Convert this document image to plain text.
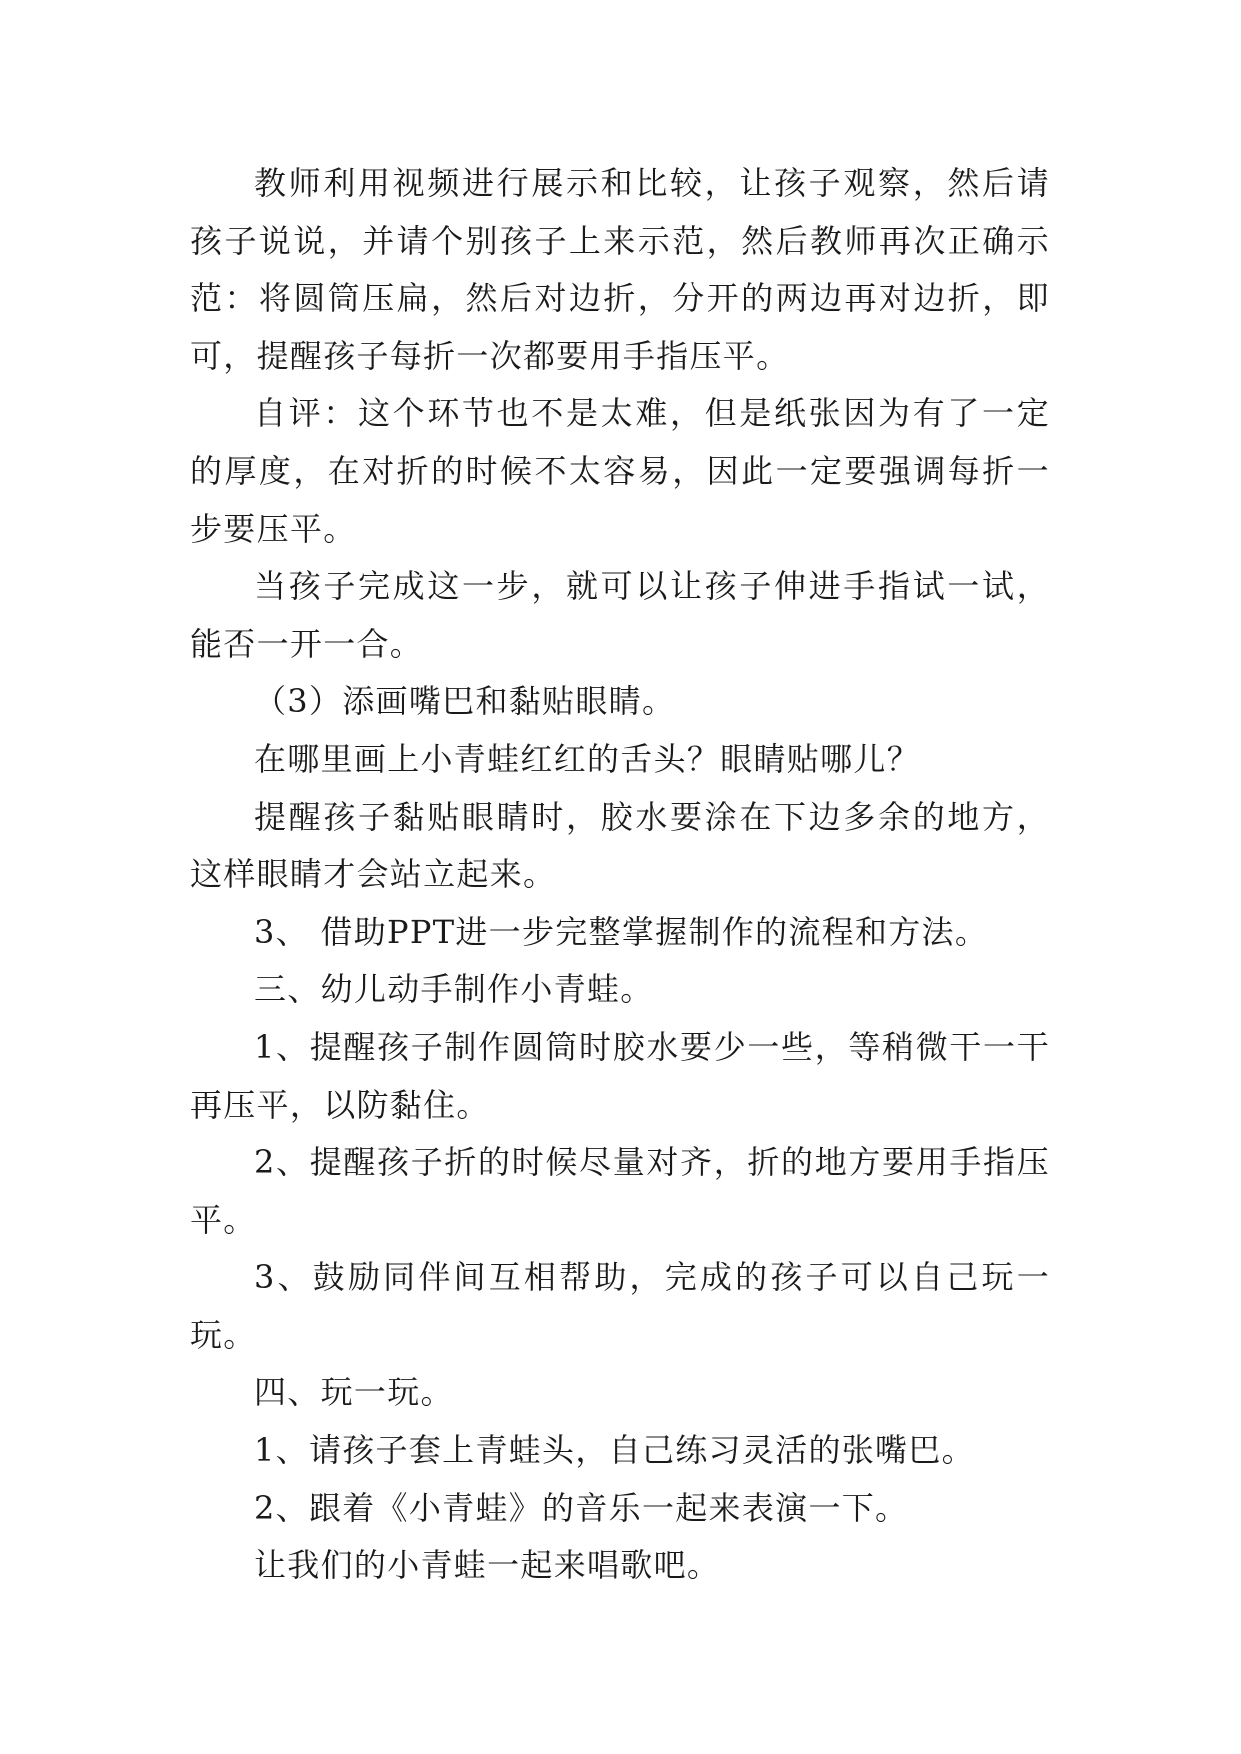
教师利用视频进行展示和比较，让孩子观察，然后请孩子说说，并请个别孩子上来示范，然后教师再次正确示范：将圆筒压扁，然后对边折，分开的两边再对边折，即可，提醒孩子每折一次都要用手指压平。

自评：这个环节也不是太难，但是纸张因为有了一定的厚度，在对折的时候不太容易，因此一定要强调每折一步要压平。

当孩子完成这一步，就可以让孩子伸进手指试一试，能否一开一合。

（3）添画嘴巴和黏贴眼睛。

在哪里画上小青蛙红红的舌头？眼睛贴哪儿？

提醒孩子黏贴眼睛时，胶水要涂在下边多余的地方，这样眼睛才会站立起来。

3、 借助PPT进一步完整掌握制作的流程和方法。

三、幼儿动手制作小青蛙。

1、提醒孩子制作圆筒时胶水要少一些，等稍微干一干再压平，以防黏住。

2、提醒孩子折的时候尽量对齐，折的地方要用手指压平。

3、鼓励同伴间互相帮助，完成的孩子可以自己玩一玩。

四、玩一玩。

1、请孩子套上青蛙头，自己练习灵活的张嘴巴。

2、跟着《小青蛙》的音乐一起来表演一下。

让我们的小青蛙一起来唱歌吧。
